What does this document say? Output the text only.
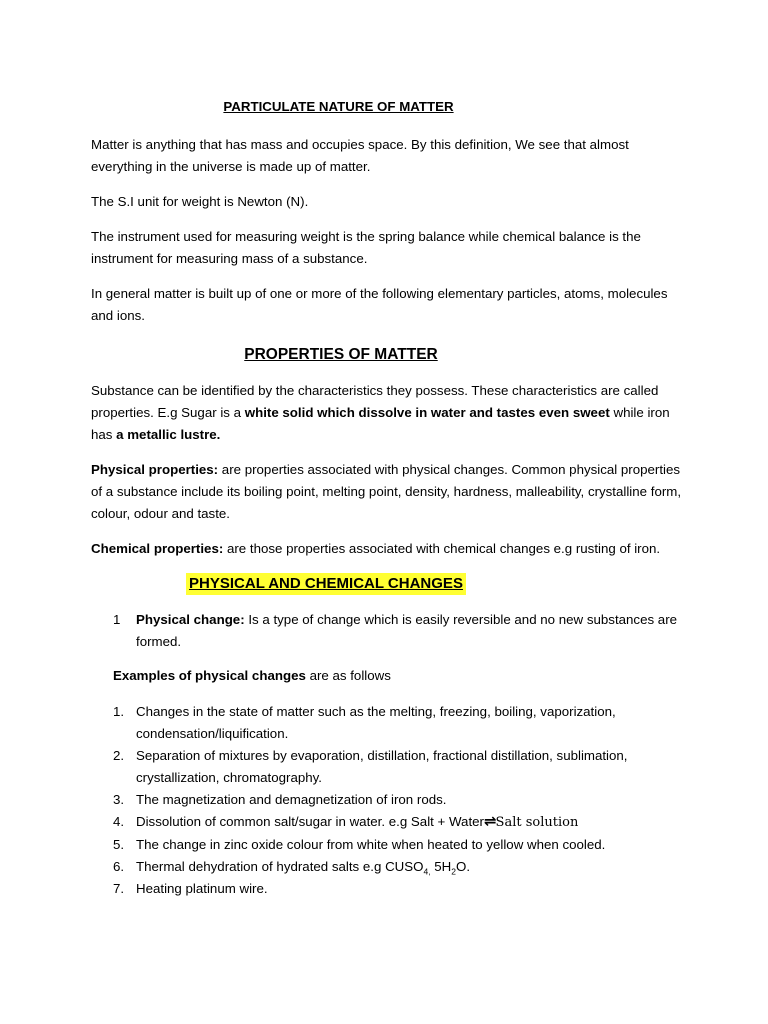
PARTICULATE NATURE OF MATTER

Matter is anything that has mass and occupies space. By this definition, We see that almost everything in the universe is made up of matter.

The S.I unit for weight is Newton (N).

The instrument used for measuring weight is the spring balance while chemical balance is the instrument for measuring mass of a substance.

In general matter is built up of one or more of the following elementary particles, atoms, molecules and ions.

PROPERTIES OF MATTER

Substance can be identified by the characteristics they possess. These characteristics are called properties. E.g Sugar is a white solid which dissolve in water and tastes even sweet while iron has a metallic lustre.

Physical properties: are properties associated with physical changes. Common physical properties of a substance include its boiling point, melting point, density, hardness, malleability, crystalline form, colour, odour and taste.

Chemical properties: are those properties associated with chemical changes e.g rusting of iron.

PHYSICAL AND CHEMICAL CHANGES
1	Physical change: Is a type of change which is easily reversible and no new substances are formed.
Examples of physical changes are as follows
1. Changes in the state of matter such as the melting, freezing, boiling, vaporization, condensation/liquification.
2. Separation of mixtures by evaporation, distillation, fractional distillation, sublimation, crystallization, chromatography.
3. The magnetization and demagnetization of iron rods.
4. Dissolution of common salt/sugar in water. e.g Salt + Water⇌Salt solution
5. The change in zinc oxide colour from white when heated to yellow when cooled.
6. Thermal dehydration of hydrated salts e.g $CUSO_{4,}$ $5H_2O$.
7. Heating platinum wire.
